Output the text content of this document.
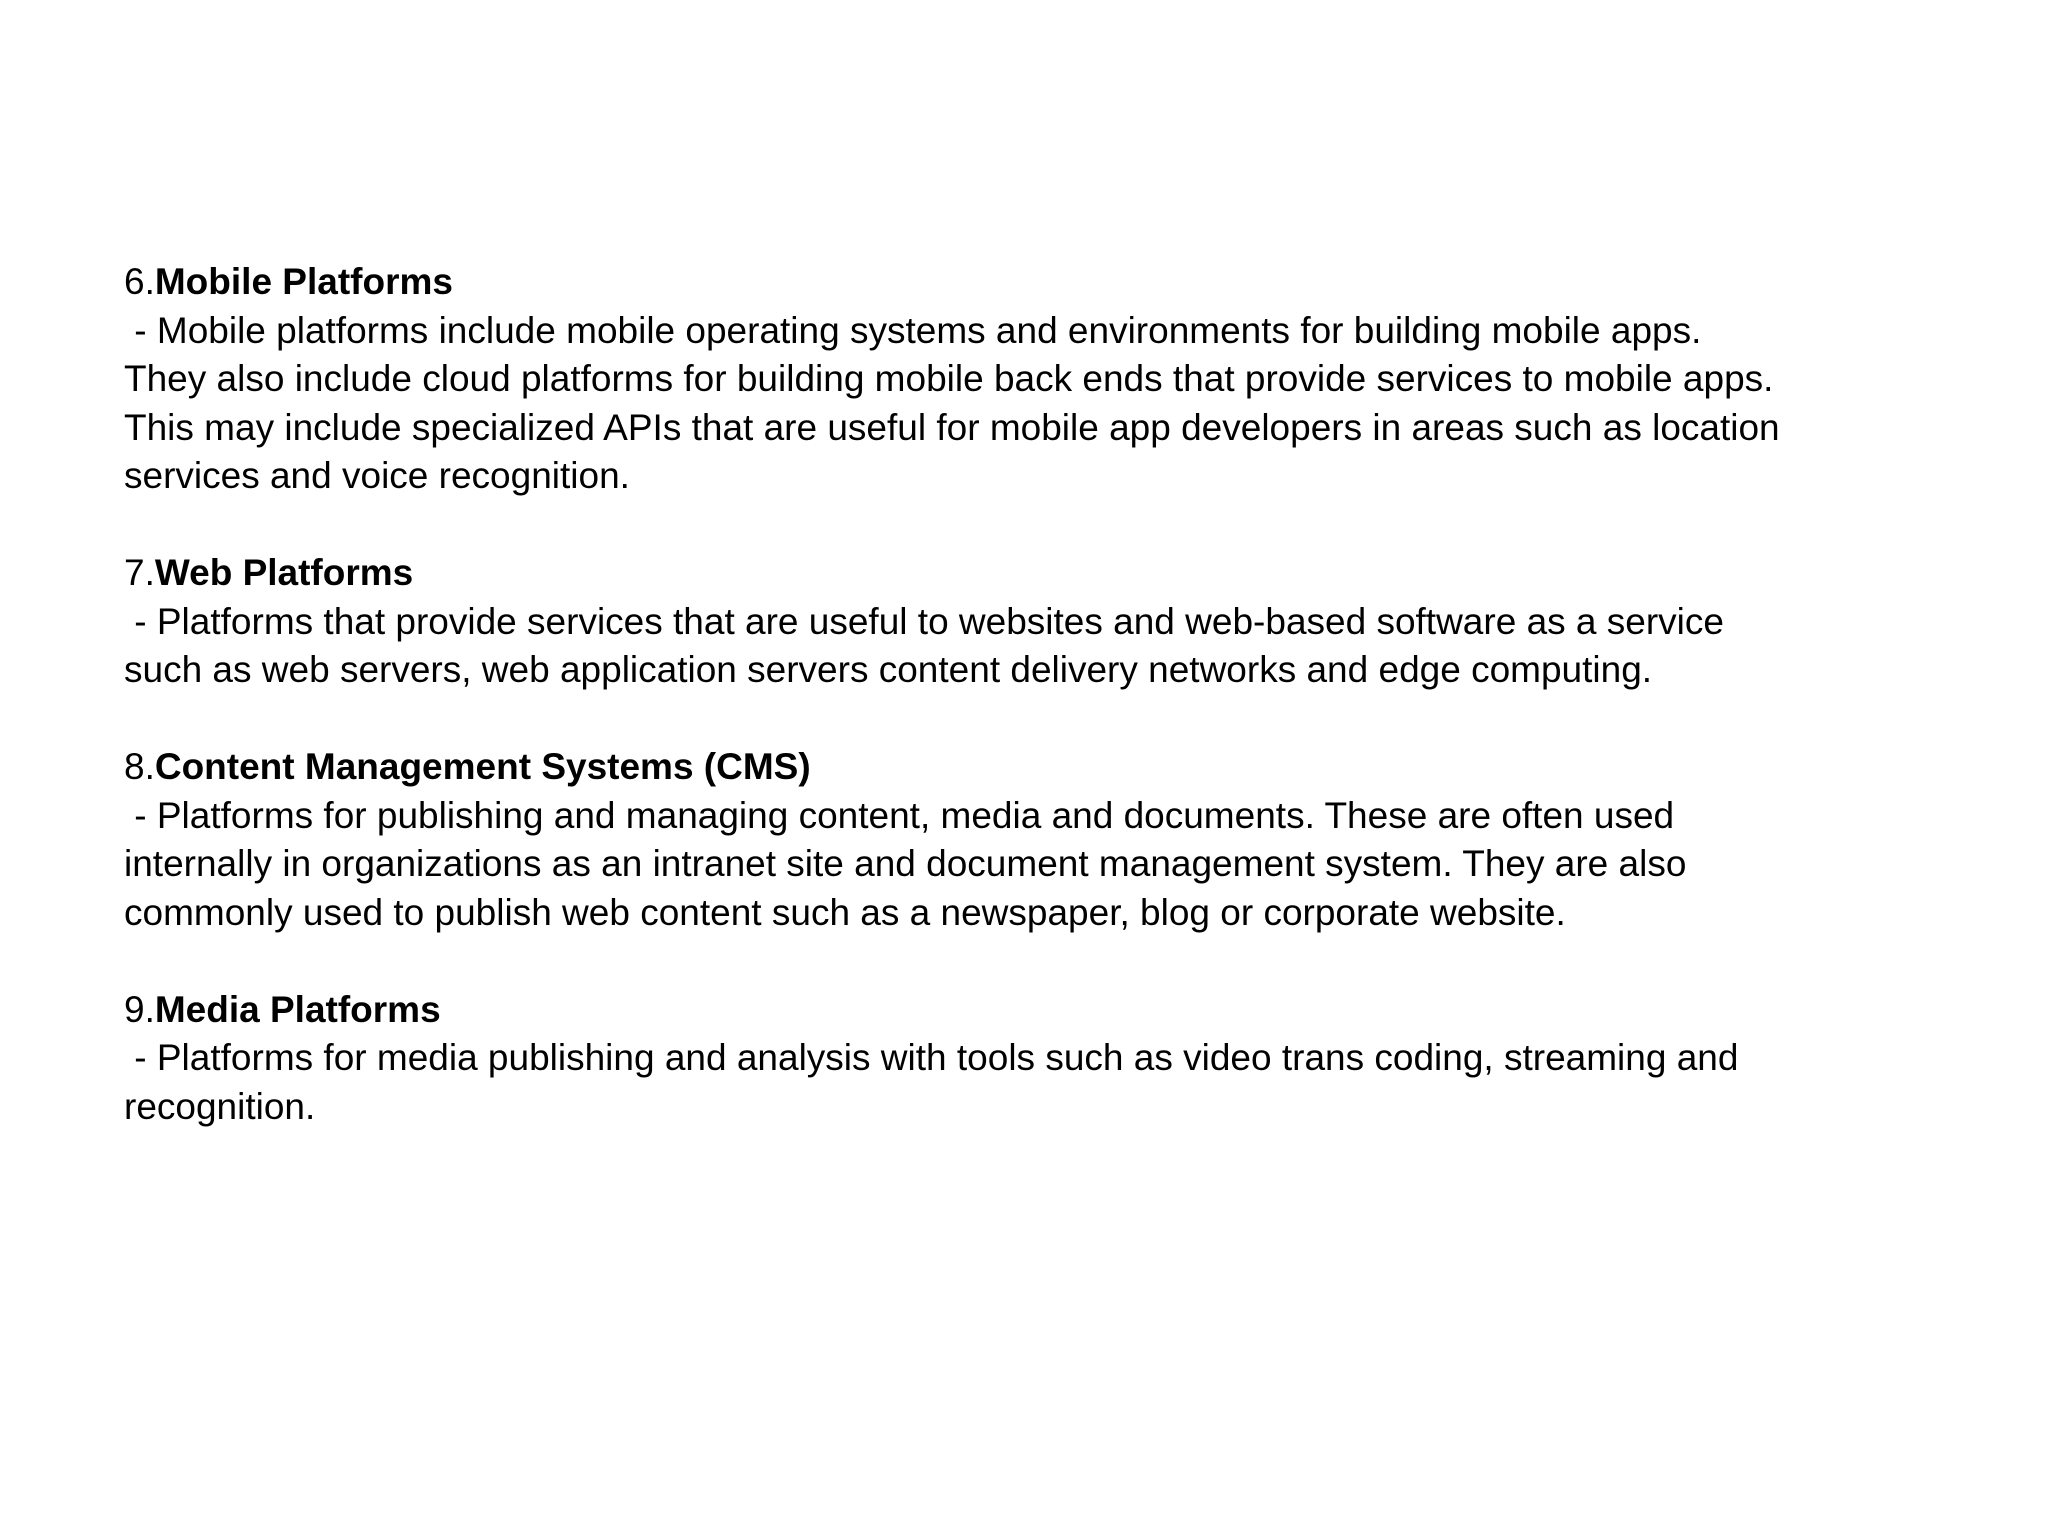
6.Mobile Platforms
- Mobile platforms include mobile operating systems and environments for building mobile apps.
They also include cloud platforms for building mobile back ends that provide services to mobile apps.
This may include specialized APIs that are useful for mobile app developers in areas such as location
services and voice recognition.
7.Web Platforms
- Platforms that provide services that are useful to websites and web-based software as a service
such as web servers, web application servers content delivery networks and edge computing.
8.Content Management Systems (CMS)
- Platforms for publishing and managing content, media and documents. These are often used
internally in organizations as an intranet site and document management system. They are also
commonly used to publish web content such as a newspaper, blog or corporate website.
9.Media Platforms
- Platforms for media publishing and analysis with tools such as video trans coding, streaming and
recognition.
